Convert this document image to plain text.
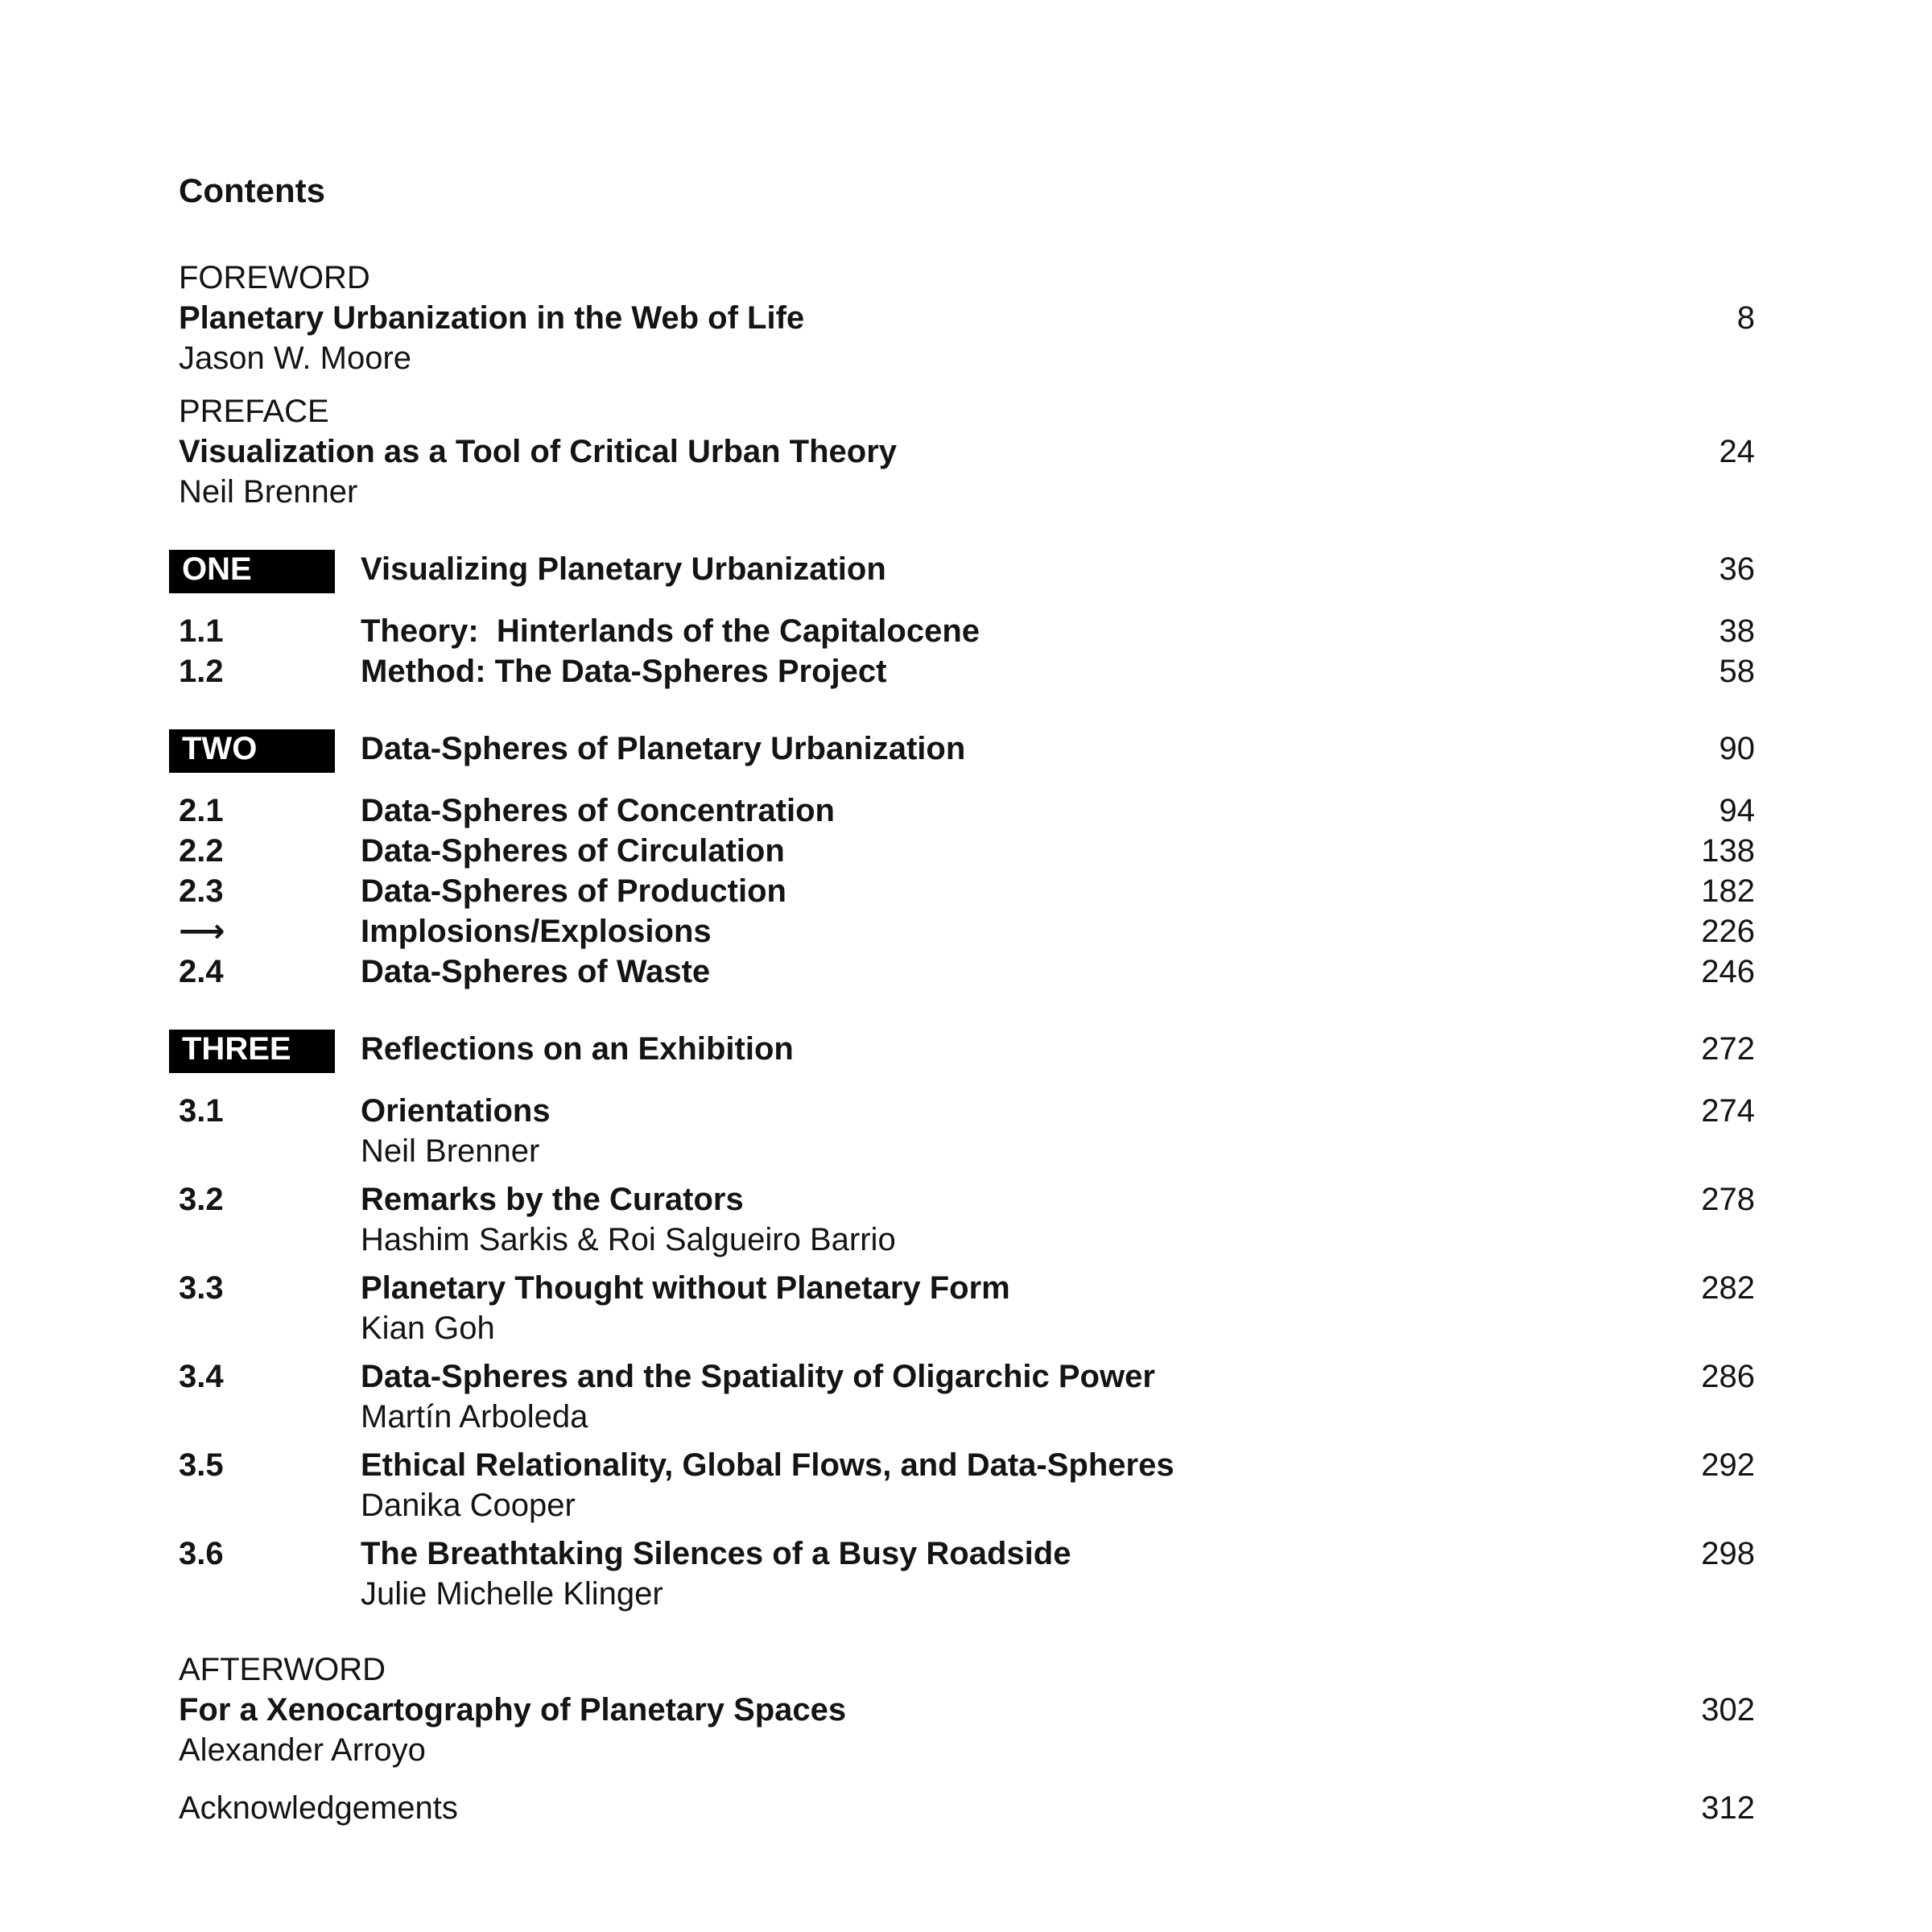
Contents
FOREWORD
Planetary Urbanization in the Web of Life	8
Jason W. Moore
PREFACE
Visualization as a Tool of Critical Urban Theory	24
Neil Brenner
ONE	Visualizing Planetary Urbanization	36
1.1	Theory:  Hinterlands of the Capitalocene	38
1.2	Method: The Data-Spheres Project	58
TWO	Data-Spheres of Planetary Urbanization	90
2.1	Data-Spheres of Concentration	94
2.2	Data-Spheres of Circulation	138
2.3	Data-Spheres of Production	182
⟶	Implosions/Explosions	226
2.4	Data-Spheres of Waste	246
THREE	Reflections on an Exhibition	272
3.1	Orientations	274
Neil Brenner
3.2	Remarks by the Curators	278
Hashim Sarkis & Roi Salgueiro Barrio
3.3	Planetary Thought without Planetary Form	282
Kian Goh
3.4	Data-Spheres and the Spatiality of Oligarchic Power	286
Martín Arboleda
3.5	Ethical Relationality, Global Flows, and Data-Spheres	292
Danika Cooper
3.6	The Breathtaking Silences of a Busy Roadside	298
Julie Michelle Klinger
AFTERWORD
For a Xenocartography of Planetary Spaces	302
Alexander Arroyo
Acknowledgements	312
